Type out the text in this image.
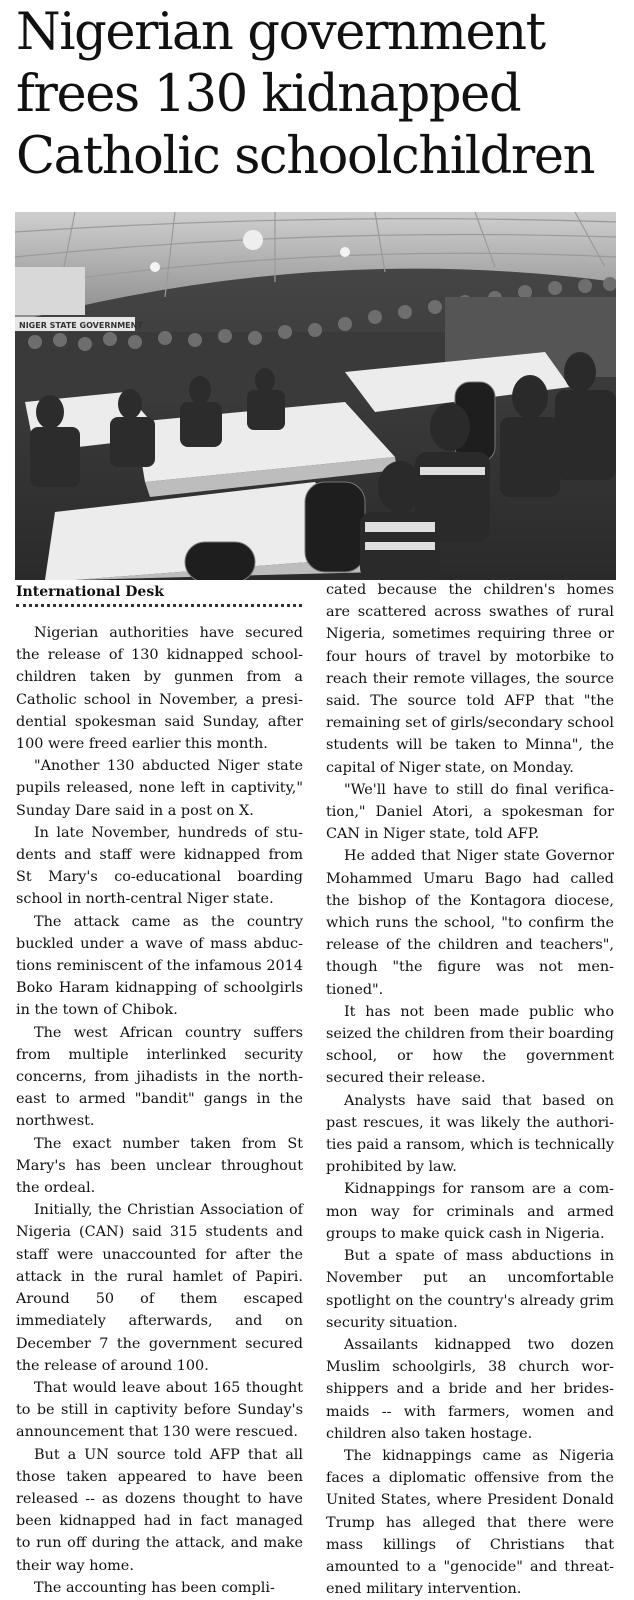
Nigerian government frees 130 kidnapped Catholic schoolchildren
NIGER STATE GOVERNMENT
International Desk

Nigerian authorities have secured the release of 130 kidnapped schoolchildren taken by gunmen from a Catholic school in November, a presidential spokesman said Sunday, after 100 were freed earlier this month.

"Another 130 abducted Niger state pupils released, none left in captivity," Sunday Dare said in a post on X.

In late November, hundreds of students and staff were kidnapped from St Mary's co-educational boarding school in north-central Niger state.

The attack came as the country buckled under a wave of mass abductions reminiscent of the infamous 2014 Boko Haram kidnapping of schoolgirls in the town of Chibok.

The west African country suffers from multiple interlinked security concerns, from jihadists in the northeast to armed "bandit" gangs in the northwest.

The exact number taken from St Mary's has been unclear throughout the ordeal.

Initially, the Christian Association of Nigeria (CAN) said 315 students and staff were unaccounted for after the attack in the rural hamlet of Papiri. Around 50 of them escaped immediately afterwards, and on December 7 the government secured the release of around 100.

That would leave about 165 thought to be still in captivity before Sunday's announcement that 130 were rescued.

But a UN source told AFP that all those taken appeared to have been released -- as dozens thought to have been kidnapped had in fact managed to run off during the attack, and make their way home.

The accounting has been compli-

cated because the children's homes are scattered across swathes of rural Nigeria, sometimes requiring three or four hours of travel by motorbike to reach their remote villages, the source said. The source told AFP that "the remaining set of girls/secondary school students will be taken to Minna", the capital of Niger state, on Monday.

"We'll have to still do final verification," Daniel Atori, a spokesman for CAN in Niger state, told AFP.

He added that Niger state Governor Mohammed Umaru Bago had called the bishop of the Kontagora diocese, which runs the school, "to confirm the release of the children and teachers", though "the figure was not mentioned".

It has not been made public who seized the children from their boarding school, or how the government secured their release.

Analysts have said that based on past rescues, it was likely the authorities paid a ransom, which is technically prohibited by law.

Kidnappings for ransom are a common way for criminals and armed groups to make quick cash in Nigeria.

But a spate of mass abductions in November put an uncomfortable spotlight on the country's already grim security situation.

Assailants kidnapped two dozen Muslim schoolgirls, 38 church worshippers and a bride and her bridesmaids -- with farmers, women and children also taken hostage.

The kidnappings came as Nigeria faces a diplomatic offensive from the United States, where President Donald Trump has alleged that there were mass killings of Christians that amounted to a "genocide" and threatened military intervention.
